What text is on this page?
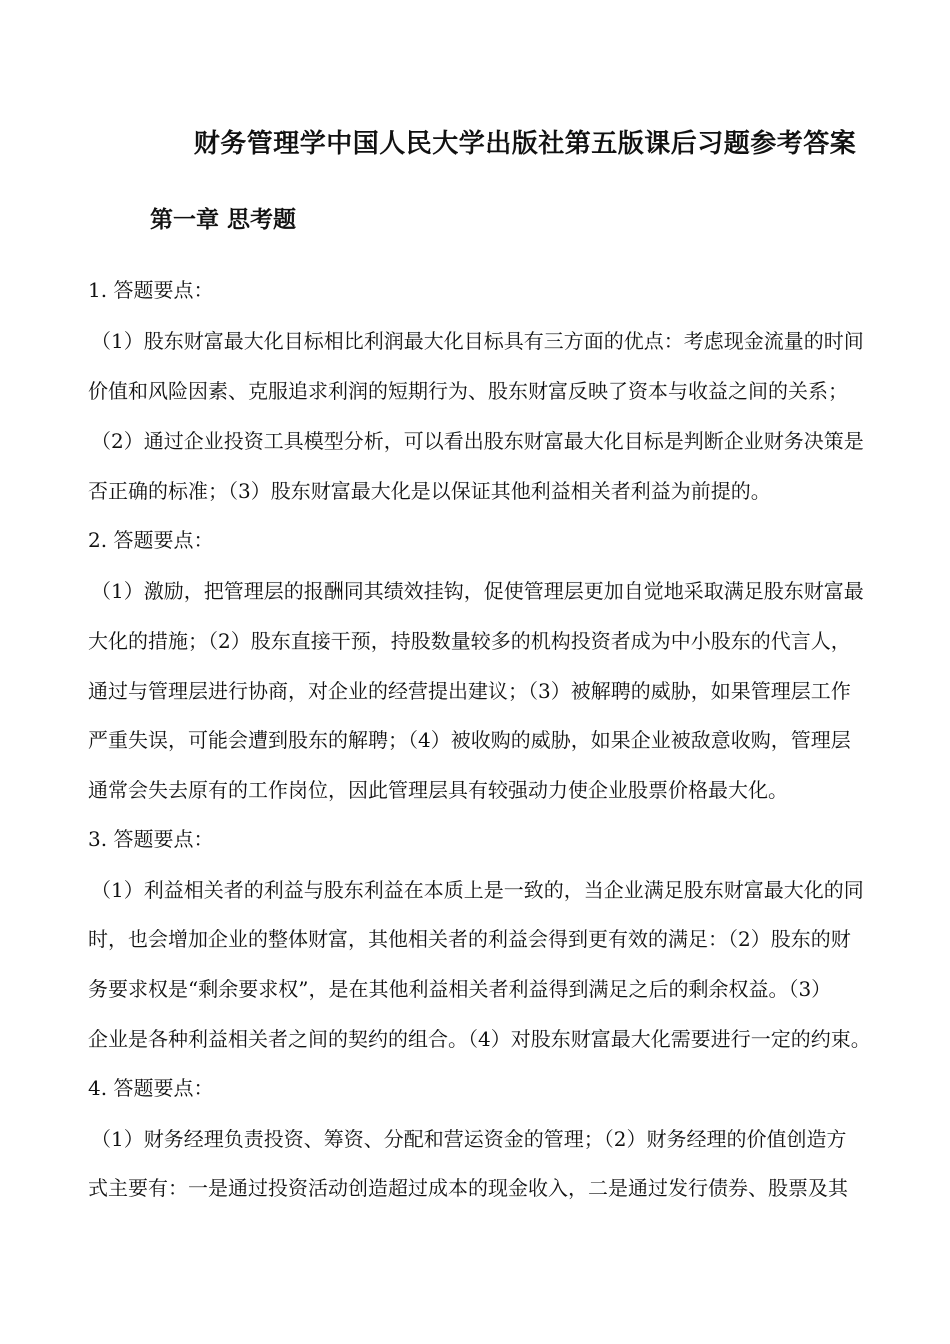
财务管理学中国人民大学出版社第五版课后习题参考答案
第一章 思考题
1. 答题要点：
（1）股东财富最大化目标相比利润最大化目标具有三方面的优点：考虑现金流量的时间
价值和风险因素、克服追求利润的短期行为、股东财富反映了资本与收益之间的关系；
（2）通过企业投资工具模型分析，可以看出股东财富最大化目标是判断企业财务决策是
否正确的标准；（3）股东财富最大化是以保证其他利益相关者利益为前提的。
2. 答题要点：
（1）激励，把管理层的报酬同其绩效挂钩，促使管理层更加自觉地采取满足股东财富最
大化的措施；（2）股东直接干预，持股数量较多的机构投资者成为中小股东的代言人，
通过与管理层进行协商，对企业的经营提出建议；（3）被解聘的威胁，如果管理层工作
严重失误，可能会遭到股东的解聘；（4）被收购的威胁，如果企业被敌意收购，管理层
通常会失去原有的工作岗位，因此管理层具有较强动力使企业股票价格最大化。
3. 答题要点：
（1）利益相关者的利益与股东利益在本质上是一致的，当企业满足股东财富最大化的同
时，也会增加企业的整体财富，其他相关者的利益会得到更有效的满足：（2）股东的财
务要求权是“剩余要求权”，是在其他利益相关者利益得到满足之后的剩余权益。（3）
企业是各种利益相关者之间的契约的组合。（4）对股东财富最大化需要进行一定的约束。
4. 答题要点：
（1）财务经理负责投资、筹资、分配和营运资金的管理；（2）财务经理的价值创造方
式主要有：一是通过投资活动创造超过成本的现金收入，二是通过发行债券、股票及其
